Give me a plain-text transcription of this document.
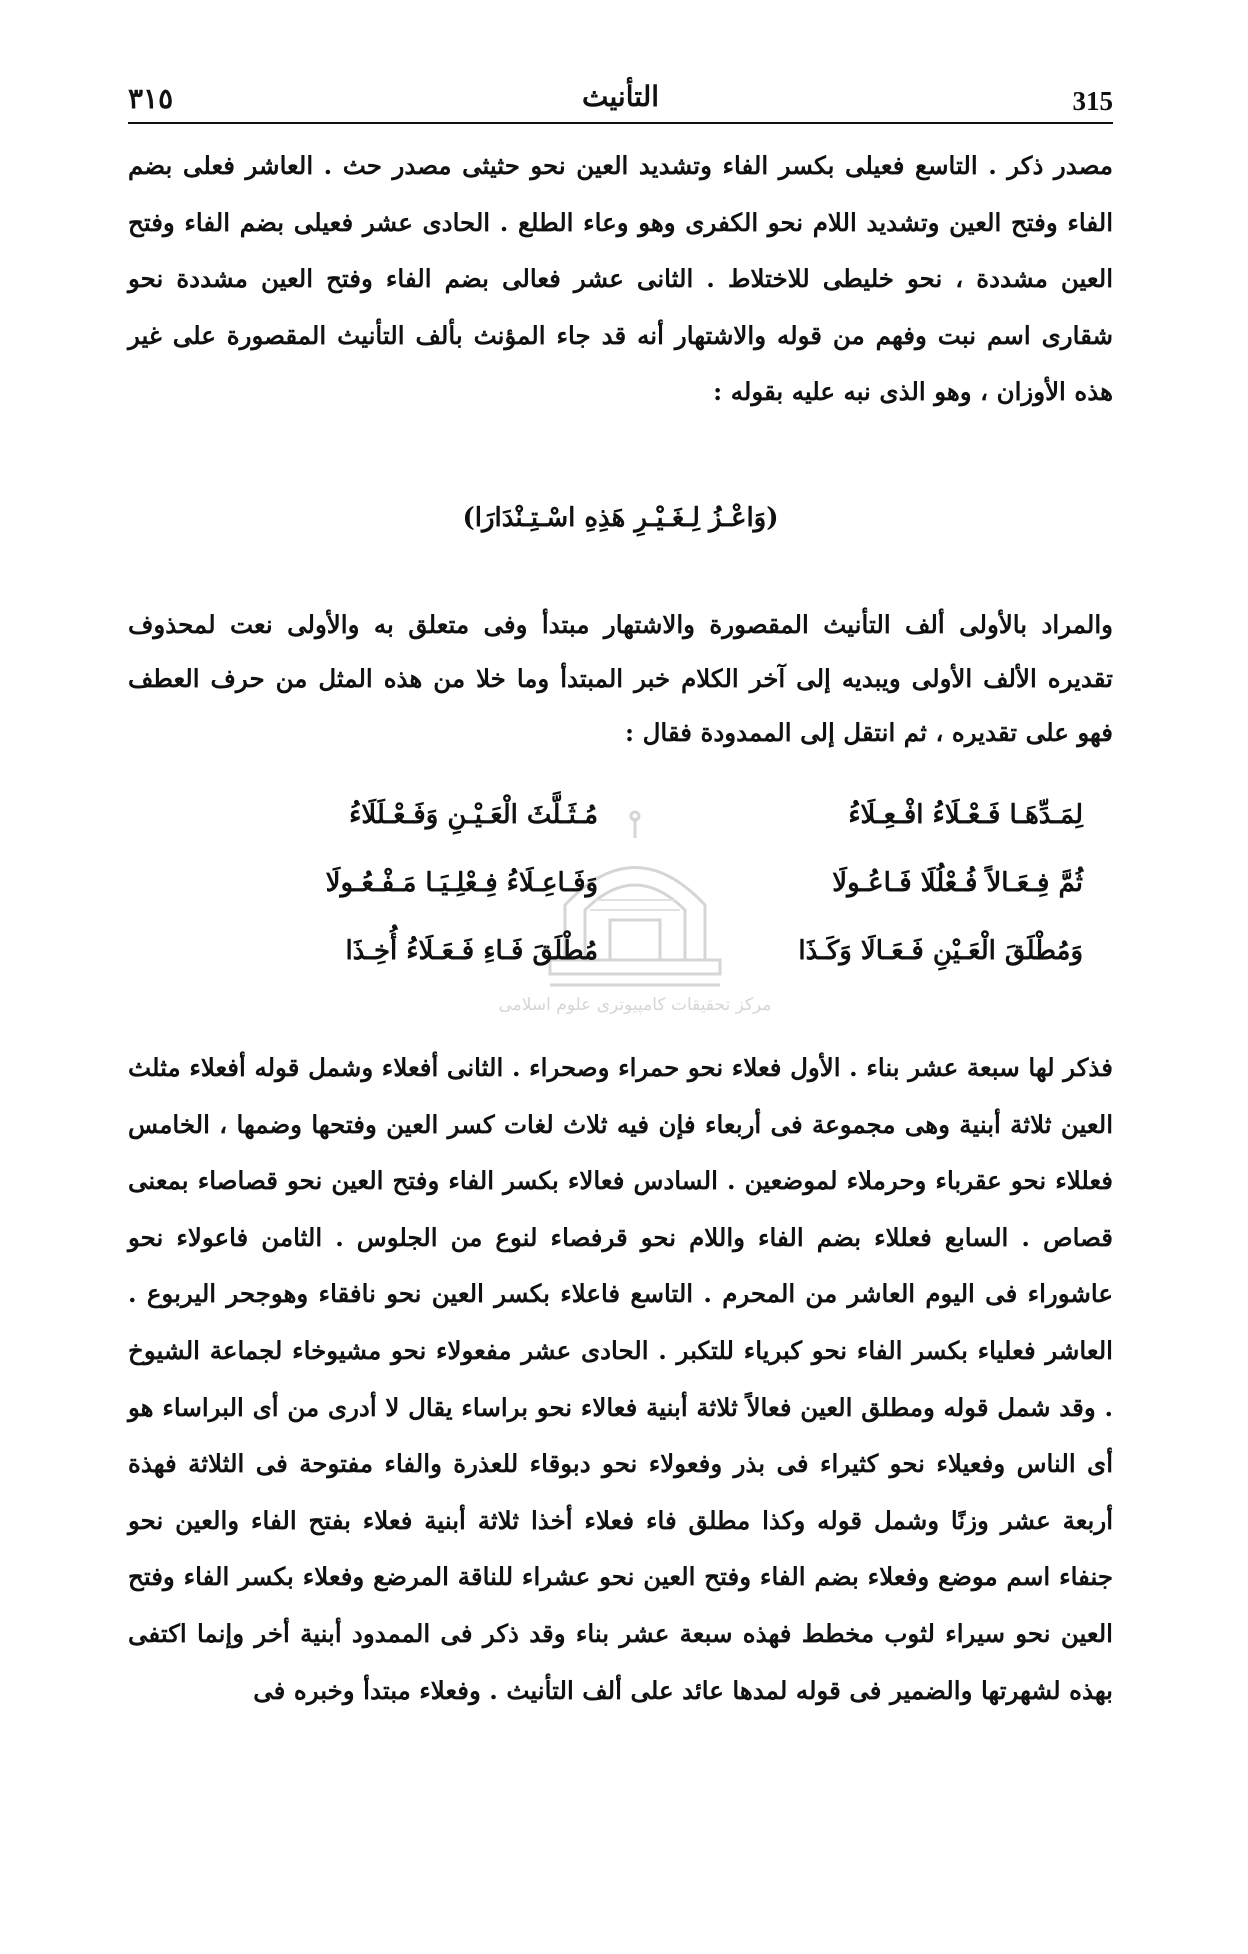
315
التأنيث
٣١٥
مصدر ذكر . التاسع فعيلى بكسر الفاء وتشديد العين نحو حثيثى مصدر حث . العاشر فعلى بضم الفاء وفتح العين وتشديد اللام نحو الكفرى وهو وعاء الطلع . الحادى عشر فعيلى بضم الفاء وفتح العين مشددة ، نحو خليطى للاختلاط . الثانى عشر فعالى بضم الفاء وفتح العين مشددة نحو شقارى اسم نبت وفهم من قوله والاشتهار أنه قد جاء المؤنث بألف التأنيث المقصورة على غير هذه الأوزان ، وهو الذى نبه عليه بقوله :
(وَاعْـزُ لِـغَـيْـرِ هَذِهِ اسْـتِـنْدَارَا)
والمراد بالأولى ألف التأنيث المقصورة والاشتهار مبتدأ وفى متعلق به والأولى نعت لمحذوف تقديره الألف الأولى ويبديه إلى آخر الكلام خبر المبتدأ وما خلا من هذه المثل من حرف العطف فهو على تقديره ، ثم انتقل إلى الممدودة فقال :
مركز تحقيقات كامپيوترى علوم اسلامى
لِمَـدِّهَـا فَـعْـلَاءُ افْـعِـلَاءُ
مُـثَـلَّثَ الْعَـيْـنِ وَفَـعْـلَلَاءُ
ثُمَّ فِـعَـالاً فُـعْلُلَا فَـاعُـولَا
وَفَـاعِـلَاءُ فِـعْلِـيَـا مَـفْـعُـولَا
وَمُطْلَقَ الْعَـيْنِ فَـعَـالَا وَكَـذَا
مُطْلَقَ فَـاءِ فَـعَـلَاءُ أُخِـذَا
فذكر لها سبعة عشر بناء . الأول فعلاء نحو حمراء وصحراء . الثانى أفعلاء وشمل قوله أفعلاء مثلث العين ثلاثة أبنية وهى مجموعة فى أربعاء فإن فيه ثلاث لغات كسر العين وفتحها وضمها ، الخامس فعللاء نحو عقرباء وحرملاء لموضعين . السادس فعالاء بكسر الفاء وفتح العين نحو قصاصاء بمعنى قصاص . السابع فعللاء بضم الفاء واللام نحو قرفصاء لنوع من الجلوس . الثامن فاعولاء نحو عاشوراء فى اليوم العاشر من المحرم . التاسع فاعلاء بكسر العين نحو نافقاء وهوجحر اليربوع . العاشر فعلياء بكسر الفاء نحو كبرياء للتكبر . الحادى عشر مفعولاء نحو مشيوخاء لجماعة الشيوخ . وقد شمل قوله ومطلق العين فعالاً ثلاثة أبنية فعالاء نحو براساء يقال لا أدرى من أى البراساء هو أى الناس وفعيلاء نحو كثيراء فى بذر وفعولاء نحو دبوقاء للعذرة والفاء مفتوحة فى الثلاثة فهذة أربعة عشر وزنًا وشمل قوله وكذا مطلق فاء فعلاء أخذا ثلاثة أبنية فعلاء بفتح الفاء والعين نحو جنفاء اسم موضع وفعلاء بضم الفاء وفتح العين نحو عشراء للناقة المرضع وفعلاء بكسر الفاء وفتح العين نحو سيراء لثوب مخطط فهذه سبعة عشر بناء وقد ذكر فى الممدود أبنية أخر وإنما اكتفى بهذه لشهرتها والضمير فى قوله لمدها عائد على ألف التأنيث . وفعلاء مبتدأ وخبره فى
